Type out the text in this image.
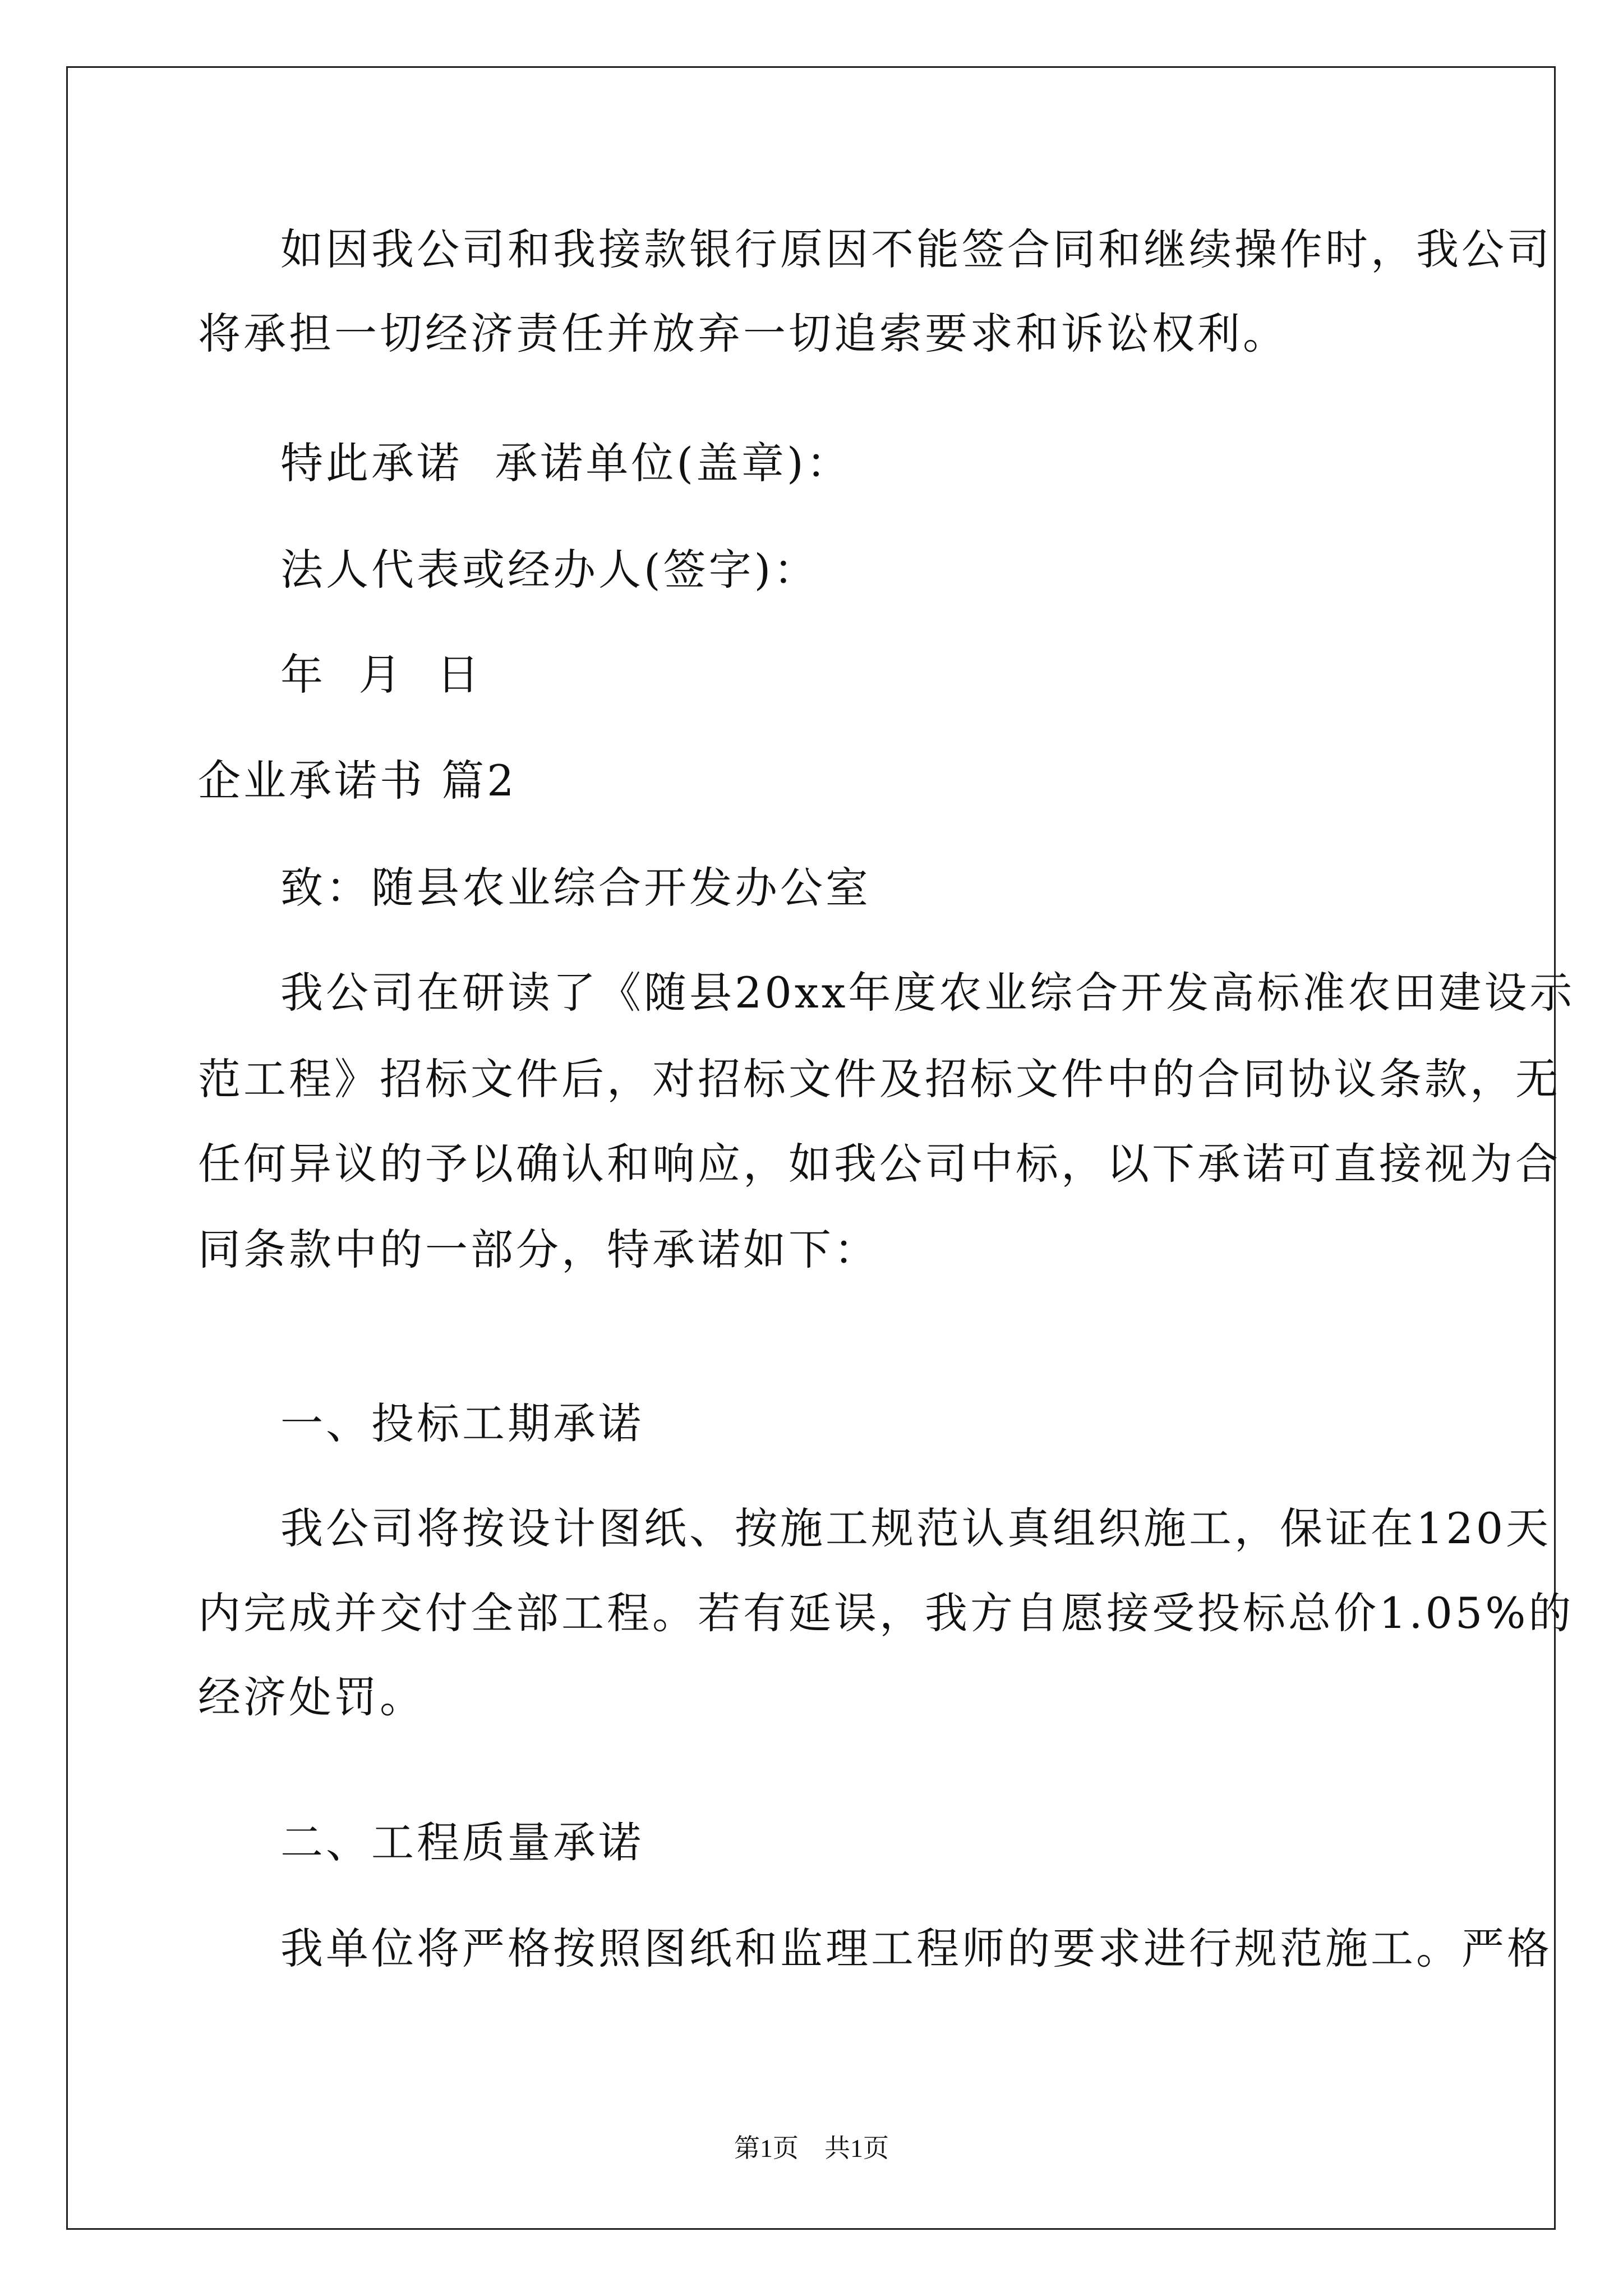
如因我公司和我接款银行原因不能签合同和继续操作时，我公司
将承担一切经济责任并放弃一切追索要求和诉讼权利。
特此承诺  承诺单位(盖章)：
法人代表或经办人(签字)：
年  月  日
企业承诺书 篇2
致：随县农业综合开发办公室
我公司在研读了《随县20xx年度农业综合开发高标准农田建设示
范工程》招标文件后，对招标文件及招标文件中的合同协议条款，无
任何异议的予以确认和响应，如我公司中标，以下承诺可直接视为合
同条款中的一部分，特承诺如下：
一、投标工期承诺
我公司将按设计图纸、按施工规范认真组织施工，保证在120天
内完成并交付全部工程。若有延误，我方自愿接受投标总价1.05%的
经济处罚。
二、工程质量承诺
我单位将严格按照图纸和监理工程师的要求进行规范施工。严格
第1页    共1页
